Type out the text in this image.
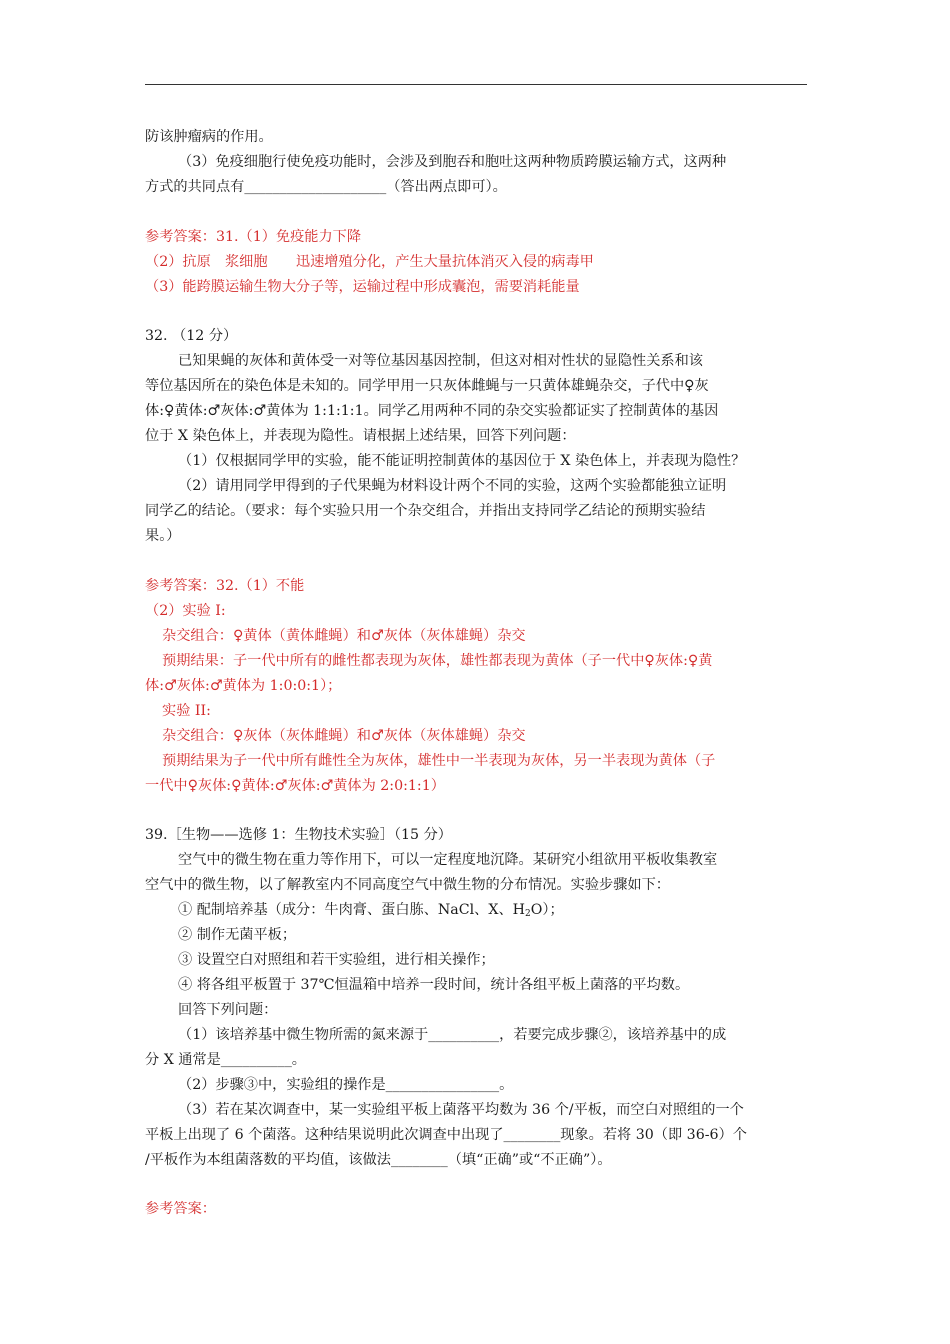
防该肿瘤病的作用。
（3）免疫细胞行使免疫功能时，会涉及到胞吞和胞吐这两种物质跨膜运输方式，这两种
方式的共同点有____________________（答出两点即可）。
参考答案：31.（1）免疫能力下降
（2）抗原　浆细胞　　迅速增殖分化，产生大量抗体消灭入侵的病毒甲
（3）能跨膜运输生物大分子等，运输过程中形成囊泡，需要消耗能量
32. （12 分）
已知果蝇的灰体和黄体受一对等位基因基因控制，但这对相对性状的显隐性关系和该
等位基因所在的染色体是未知的。同学甲用一只灰体雌蝇与一只黄体雄蝇杂交，子代中♀灰
体:♀黄体:♂灰体:♂黄体为 1:1:1:1。同学乙用两种不同的杂交实验都证实了控制黄体的基因
位于 X 染色体上，并表现为隐性。请根据上述结果，回答下列问题：
（1）仅根据同学甲的实验，能不能证明控制黄体的基因位于 X 染色体上，并表现为隐性？
（2）请用同学甲得到的子代果蝇为材料设计两个不同的实验，这两个实验都能独立证明
同学乙的结论。（要求：每个实验只用一个杂交组合，并指出支持同学乙结论的预期实验结
果。）
参考答案：32.（1）不能
（2）实验 I:
杂交组合：♀黄体（黄体雌蝇）和♂灰体（灰体雄蝇）杂交
预期结果：子一代中所有的雌性都表现为灰体，雄性都表现为黄体（子一代中♀灰体:♀黄
体:♂灰体:♂黄体为 1:0:0:1）；
实验 II:
杂交组合：♀灰体（灰体雌蝇）和♂灰体（灰体雄蝇）杂交
预期结果为子一代中所有雌性全为灰体，雄性中一半表现为灰体，另一半表现为黄体（子
一代中♀灰体:♀黄体:♂灰体:♂黄体为 2:0:1:1）
39.［生物——选修 1：生物技术实验］（15 分）
空气中的微生物在重力等作用下，可以一定程度地沉降。某研究小组欲用平板收集教室
空气中的微生物，以了解教室内不同高度空气中微生物的分布情况。实验步骤如下：
① 配制培养基（成分：牛肉膏、蛋白胨、NaCl、X、$H_2O$）；
② 制作无菌平板；
③ 设置空白对照组和若干实验组，进行相关操作；
④ 将各组平板置于 37℃恒温箱中培养一段时间，统计各组平板上菌落的平均数。
回答下列问题：
（1）该培养基中微生物所需的氮来源于__________，若要完成步骤②，该培养基中的成
分 X 通常是__________。
（2）步骤③中，实验组的操作是________________。
（3）若在某次调查中，某一实验组平板上菌落平均数为 36 个/平板，而空白对照组的一个
平板上出现了 6 个菌落。这种结果说明此次调查中出现了________现象。若将 30（即 36-6）个
/平板作为本组菌落数的平均值，该做法________（填“正确”或“不正确”）。
参考答案：
